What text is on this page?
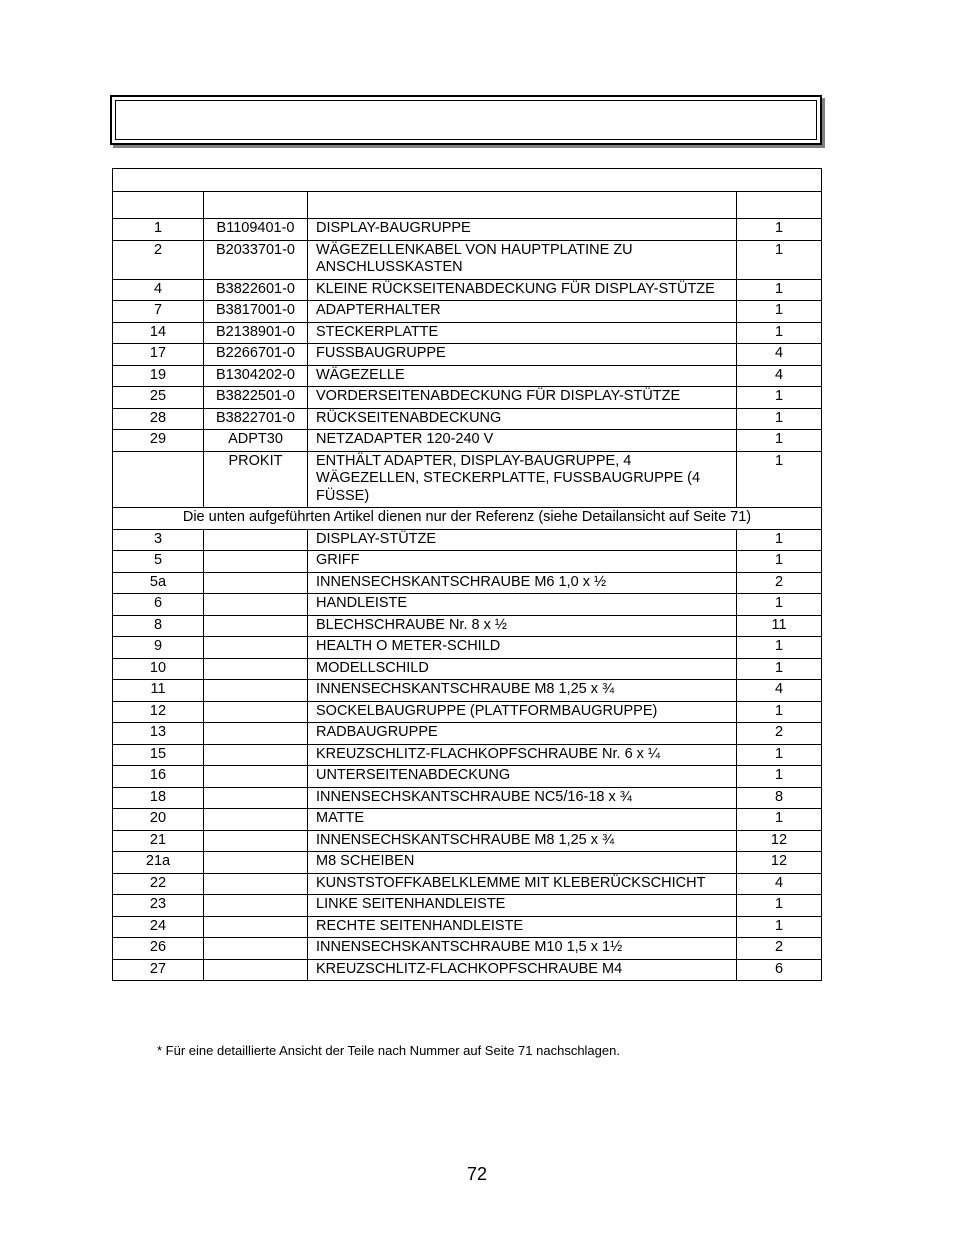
1	B1109401-0	DISPLAY-BAUGRUPPE	1
2	B2033701-0	WÄGEZELLENKABEL VON HAUPTPLATINE ZU ANSCHLUSSKASTEN	1
4	B3822601-0	KLEINE RÜCKSEITENABDECKUNG FÜR DISPLAY-STÜTZE	1
7	B3817001-0	ADAPTERHALTER	1
14	B2138901-0	STECKERPLATTE	1
17	B2266701-0	FUSSBAUGRUPPE	4
19	B1304202-0	WÄGEZELLE	4
25	B3822501-0	VORDERSEITENABDECKUNG FÜR DISPLAY-STÜTZE	1
28	B3822701-0	RÜCKSEITENABDECKUNG	1
29	ADPT30	NETZADAPTER 120-240 V	1
	PROKIT	ENTHÄLT ADAPTER, DISPLAY-BAUGRUPPE, 4 WÄGEZELLEN, STECKERPLATTE, FUSSBAUGRUPPE (4 FÜSSE)	1
Die unten aufgeführten Artikel dienen nur der Referenz (siehe Detailansicht auf Seite 71)			
3		DISPLAY-STÜTZE	1
5		GRIFF	1
5a		INNENSECHSKANTSCHRAUBE M6 1,0 x ½	2
6		HANDLEISTE	1
8		BLECHSCHRAUBE Nr. 8 x ½	11
9		HEALTH O METER-SCHILD	1
10		MODELLSCHILD	1
11		INNENSECHSKANTSCHRAUBE M8 1,25 x ¾	4
12		SOCKELBAUGRUPPE (PLATTFORMBAUGRUPPE)	1
13		RADBAUGRUPPE	2
15		KREUZSCHLITZ-FLACHKOPFSCHRAUBE Nr. 6 x ¼	1
16		UNTERSEITENABDECKUNG	1
18		INNENSECHSKANTSCHRAUBE NC5/16-18 x ¾	8
20		MATTE	1
21		INNENSECHSKANTSCHRAUBE M8 1,25 x ¾	12
21a		M8 SCHEIBEN	12
22		KUNSTSTOFFKABELKLEMME MIT KLEBERÜCKSCHICHT	4
23		LINKE SEITENHANDLEISTE	1
24		RECHTE SEITENHANDLEISTE	1
26		INNENSECHSKANTSCHRAUBE M10 1,5 x 1½	2
27		KREUZSCHLITZ-FLACHKOPFSCHRAUBE M4	6
* Für eine detaillierte Ansicht der Teile nach Nummer auf Seite 71 nachschlagen.
72
